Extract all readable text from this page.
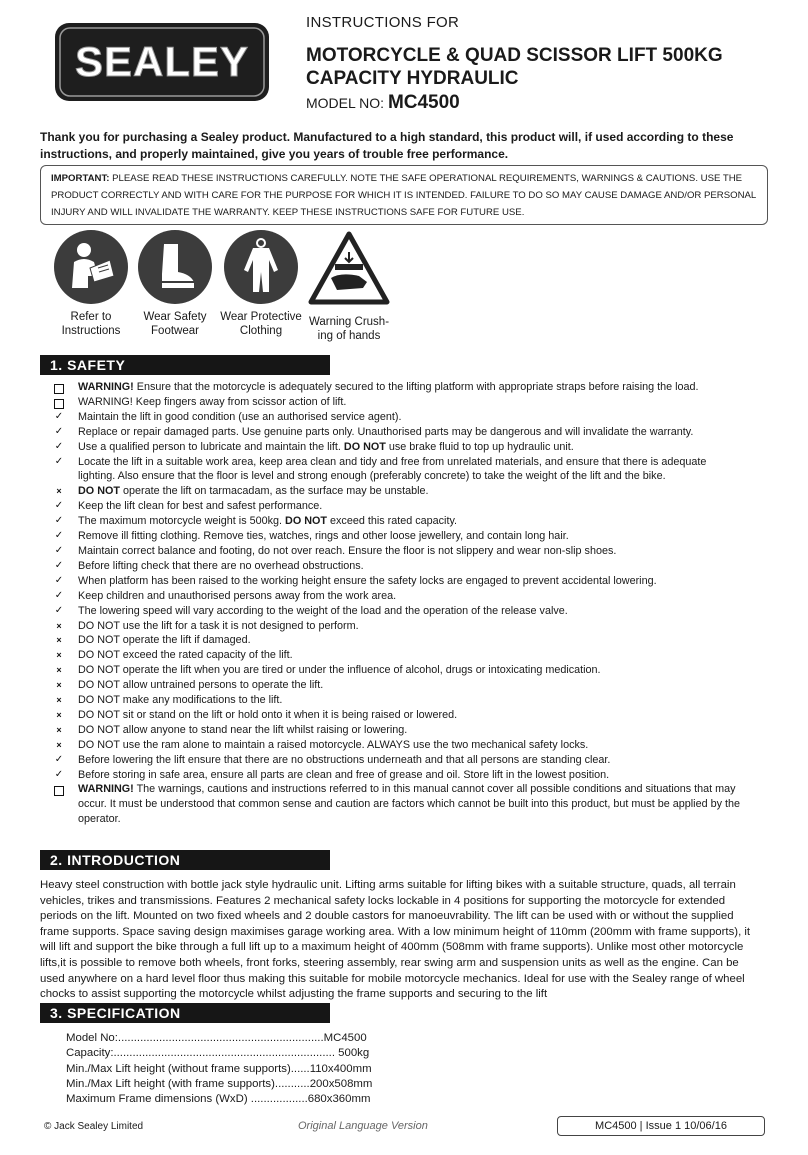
SEALEY
INSTRUCTIONS FOR
MOTORCYCLE & QUAD SCISSOR LIFT 500KG
CAPACITY HYDRAULIC
MODEL NO: MC4500
Thank you for purchasing a Sealey product. Manufactured to a high standard, this product will, if used according to these instructions, and properly maintained, give you years of trouble free performance.
IMPORTANT: PLEASE READ THESE INSTRUCTIONS CAREFULLY. NOTE THE SAFE OPERATIONAL REQUIREMENTS, WARNINGS & CAUTIONS. USE THE PRODUCT CORRECTLY AND WITH CARE FOR THE PURPOSE FOR WHICH IT IS INTENDED. FAILURE TO DO SO MAY CAUSE DAMAGE AND/OR PERSONAL INJURY AND WILL INVALIDATE THE WARRANTY. KEEP THESE INSTRUCTIONS SAFE FOR FUTURE USE.
Refer to
Instructions
Wear Safety
Footwear
Wear Protective
Clothing
Warning Crush-
ing of hands
1. SAFETY
WARNING! Ensure that the motorcycle is adequately secured to the lifting platform with appropriate straps before raising the load.
WARNING! Keep fingers away from scissor action of lift.
✓ Maintain the lift in good condition (use an authorised service agent).
✓ Replace or repair damaged parts. Use genuine parts only. Unauthorised parts may be dangerous and will invalidate the warranty.
✓ Use a qualified person to lubricate and maintain the lift. DO NOT use brake fluid to top up hydraulic unit.
✓ Locate the lift in a suitable work area, keep area clean and tidy and free from unrelated materials, and ensure that there is adequate lighting. Also ensure that the floor is level and strong enough (preferably concrete) to take the weight of the lift and the bike.
×	DO NOT operate the lift on tarmacadam, as the surface may be unstable.
✓ Keep the lift clean for best and safest performance.
✓ The maximum motorcycle weight is 500kg. DO NOT exceed this rated capacity.
✓ Remove ill fitting clothing. Remove ties, watches, rings and other loose jewellery, and contain long hair.
✓ Maintain correct balance and footing, do not over reach. Ensure the floor is not slippery and wear non-slip shoes.
✓ Before lifting check that there are no overhead obstructions.
✓ When platform has been raised to the working height ensure the safety locks are engaged to prevent accidental lowering.
✓ Keep children and unauthorised persons away from the work area.
✓ The lowering speed will vary according to the weight of the load and the operation of the release valve.
×	DO NOT use the lift for a task it is not designed to perform.
×	DO NOT operate the lift if damaged.
×	DO NOT exceed the rated capacity of the lift.
×	DO NOT operate the lift when you are tired or under the influence of alcohol, drugs or intoxicating medication.
×	DO NOT allow untrained persons to operate the lift.
×	DO NOT make any modifications to the lift.
×	DO NOT sit or stand on the lift or hold onto it when it is being raised or lowered.
×	DO NOT allow anyone to stand near the lift whilst raising or lowering.
×	DO NOT use the ram alone to maintain a raised motorcycle. ALWAYS use the two mechanical safety locks.
✓ Before lowering the lift ensure that there are no obstructions underneath and that all persons are standing clear.
✓ Before storing in safe area, ensure all parts are clean and free of grease and oil. Store lift in the lowest position.
WARNING! The warnings, cautions and instructions referred to in this manual cannot cover all possible conditions and situations that may occur. It must be understood that common sense and caution are factors which cannot be built into this product, but must be applied by the operator.
2. INTRODUCTION
Heavy steel construction with bottle jack style hydraulic unit. Lifting arms suitable for lifting bikes with a suitable structure, quads, all terrain vehicles, trikes and transmissions. Features 2 mechanical safety locks lockable in 4 positions for supporting the motorcycle for extended periods on the lift. Mounted on two fixed wheels and 2 double castors for manoeuvrability. The lift can be used with or without the supplied frame supports. Space saving design maximises garage working area. With a low minimum height of 110mm (200mm with frame supports), it will lift and support the bike through a full lift up to a maximum height of 400mm (508mm with frame supports). Unlike most other motorcycle lifts,it is possible to remove both wheels, front forks, steering assembly, rear swing arm and suspension units as well as the engine. Can be used anywhere on a hard level floor thus making this suitable for mobile motorcycle mechanics. Ideal for use with the Sealey range of wheel chocks to assist supporting the motorcycle whilst adjusting the frame supports and securing to the lift
3. SPECIFICATION
Model No:.................................................................MC4500
Capacity:...................................................................... 500kg
Min./Max Lift height (without frame supports)......110x400mm
Min./Max Lift height (with frame supports)...........200x508mm
Maximum Frame dimensions (WxD) ..................680x360mm
© Jack Sealey Limited	Original Language Version	MC4500 | Issue 1 10/06/16
